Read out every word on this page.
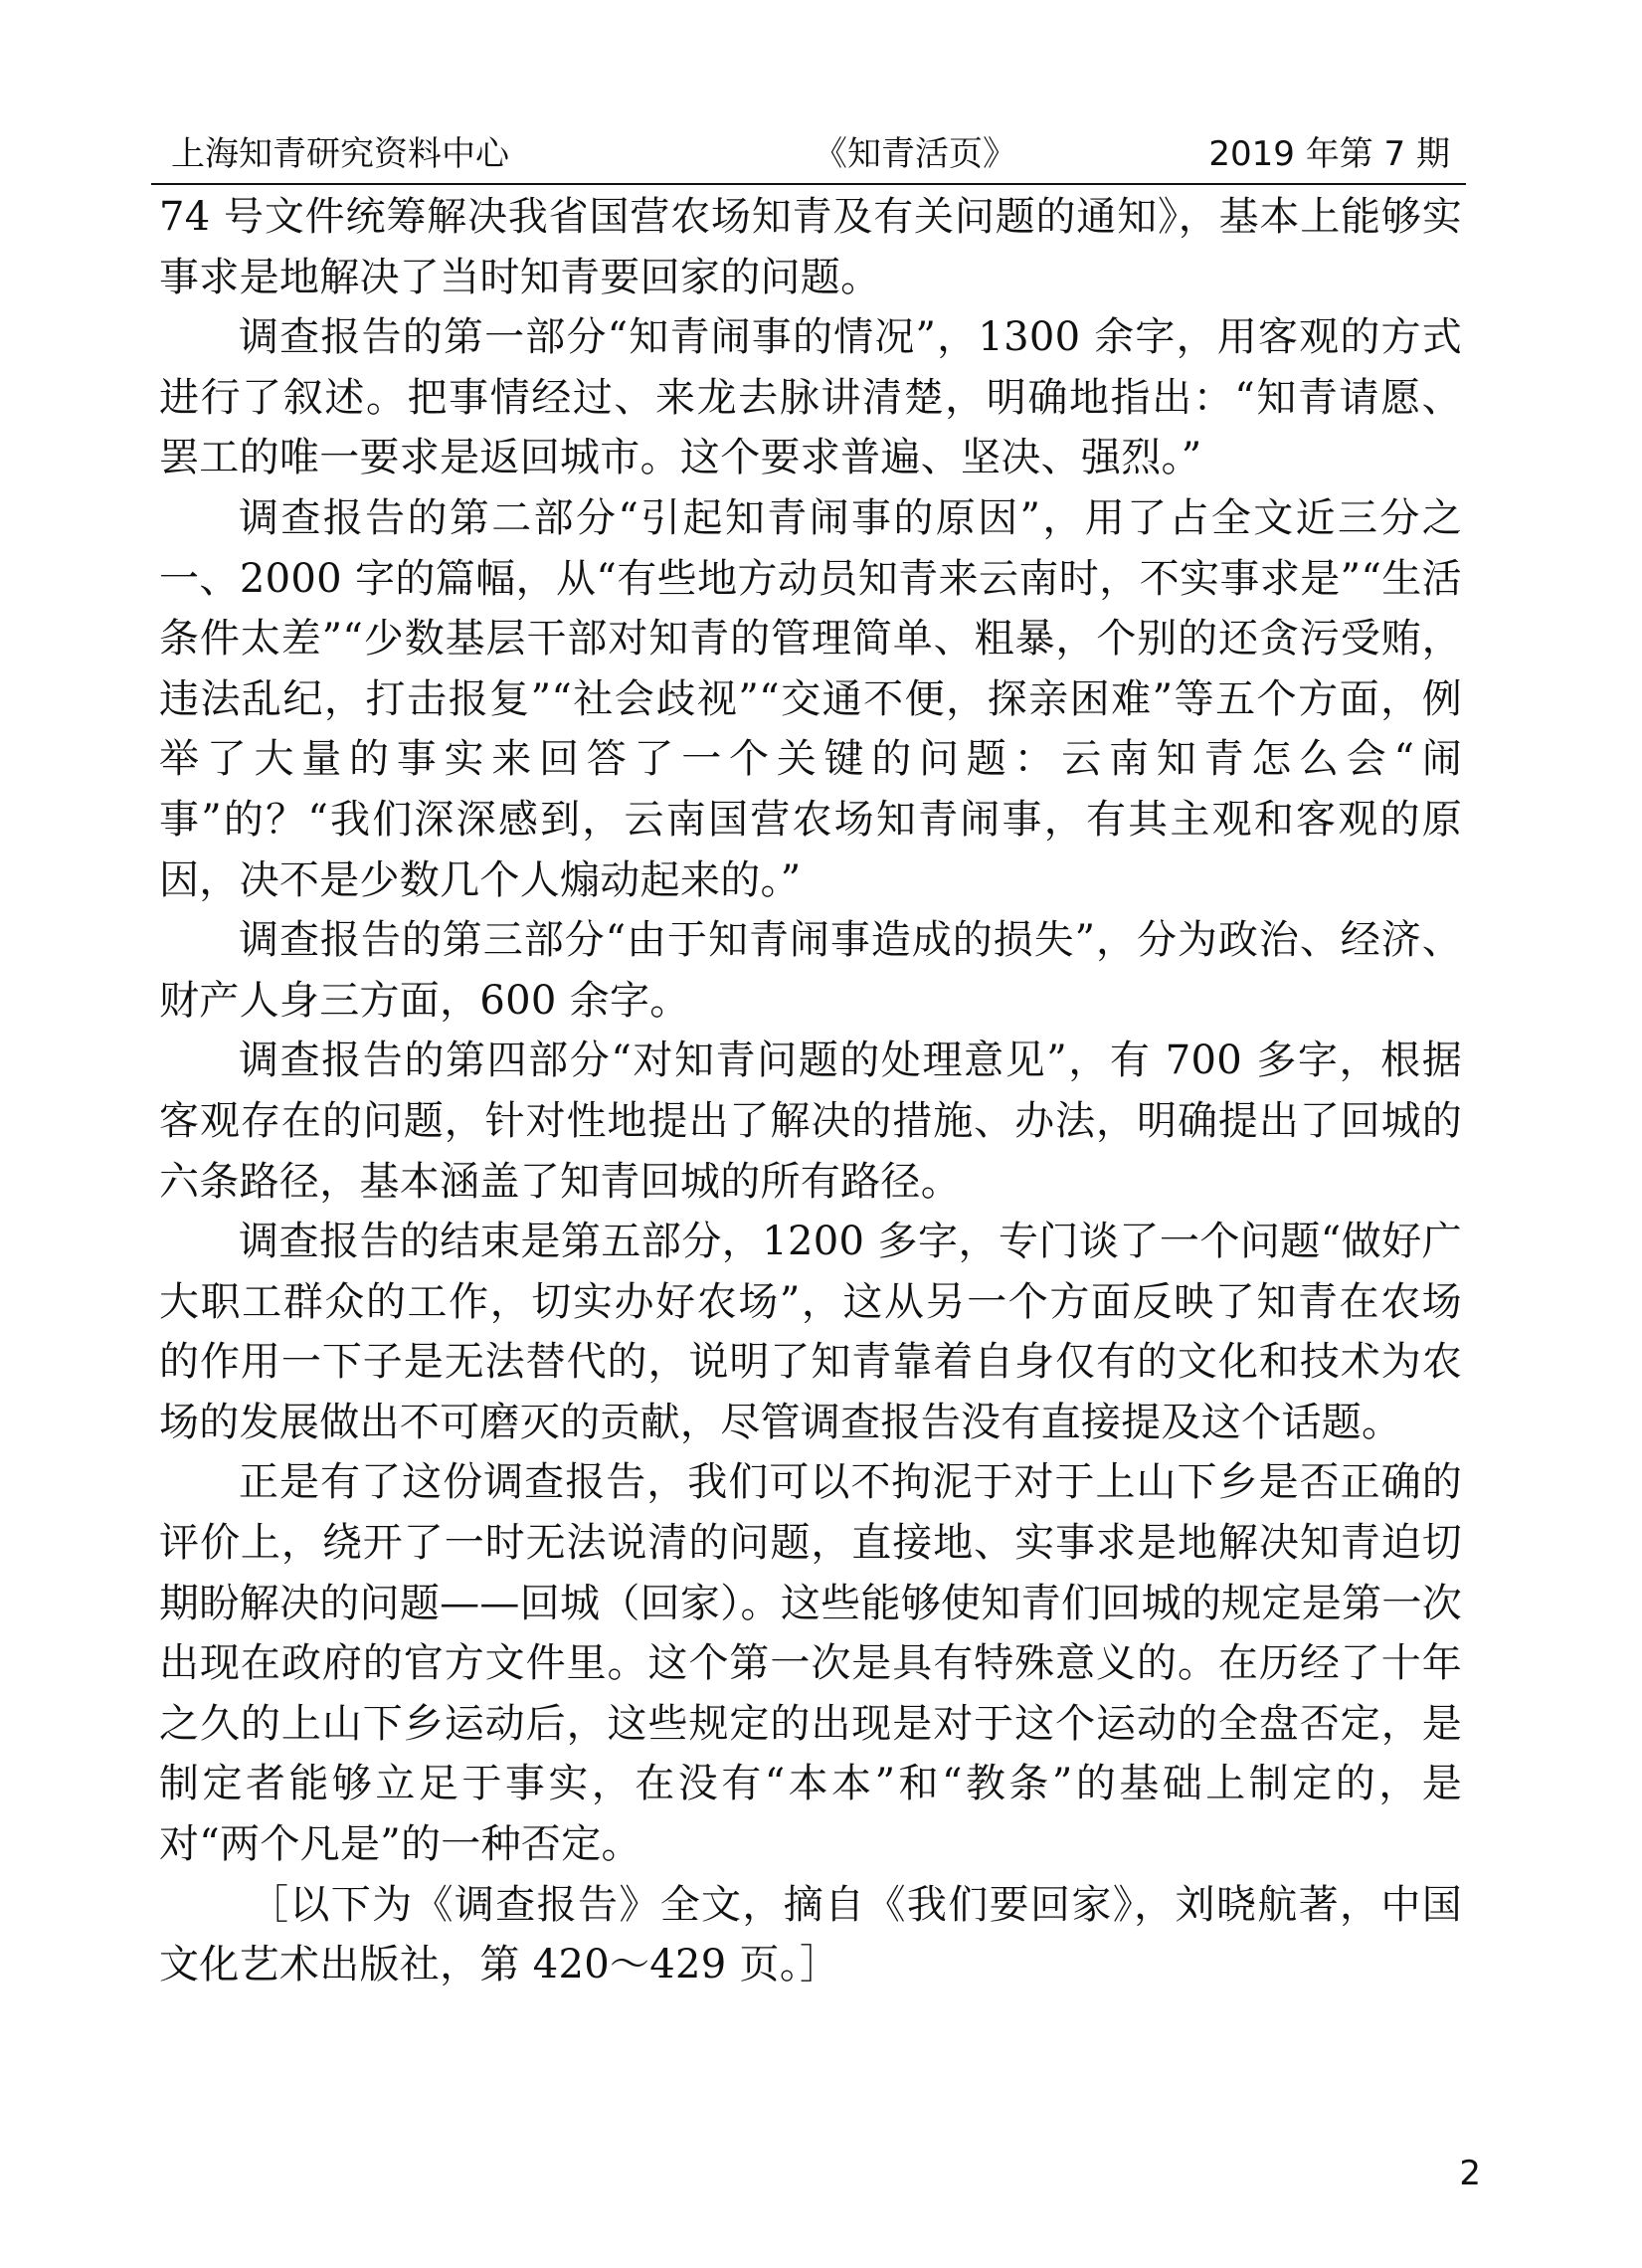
上海知青研究资料中心	《知青活页》	2019 年第 7 期

74 号文件统筹解决我省国营农场知青及有关问题的通知》，基本上能够实事求是地解决了当时知青要回家的问题。

调查报告的第一部分“知青闹事的情况”，1300 余字，用客观的方式进行了叙述。把事情经过、来龙去脉讲清楚，明确地指出：“知青请愿、罢工的唯一要求是返回城市。这个要求普遍、坚决、强烈。”

调查报告的第二部分“引起知青闹事的原因”，用了占全文近三分之一、2000 字的篇幅，从“有些地方动员知青来云南时，不实事求是”“生活条件太差”“少数基层干部对知青的管理简单、粗暴，个别的还贪污受贿，违法乱纪，打击报复”“社会歧视”“交通不便，探亲困难”等五个方面，例举了大量的事实来回答了一个关键的问题：云南知青怎么会“闹事”的？“我们深深感到，云南国营农场知青闹事，有其主观和客观的原因，决不是少数几个人煽动起来的。”

调查报告的第三部分“由于知青闹事造成的损失”，分为政治、经济、财产人身三方面，600 余字。

调查报告的第四部分“对知青问题的处理意见”，有 700 多字，根据客观存在的问题，针对性地提出了解决的措施、办法，明确提出了回城的六条路径，基本涵盖了知青回城的所有路径。

调查报告的结束是第五部分，1200 多字，专门谈了一个问题“做好广大职工群众的工作，切实办好农场”，这从另一个方面反映了知青在农场的作用一下子是无法替代的，说明了知青靠着自身仅有的文化和技术为农场的发展做出不可磨灭的贡献，尽管调查报告没有直接提及这个话题。

正是有了这份调查报告，我们可以不拘泥于对于上山下乡是否正确的评价上，绕开了一时无法说清的问题，直接地、实事求是地解决知青迫切期盼解决的问题——回城（回家）。这些能够使知青们回城的规定是第一次出现在政府的官方文件里。这个第一次是具有特殊意义的。在历经了十年之久的上山下乡运动后，这些规定的出现是对于这个运动的全盘否定，是制定者能够立足于事实，在没有“本本”和“教条”的基础上制定的，是对“两个凡是”的一种否定。

［以下为《调查报告》全文，摘自《我们要回家》，刘晓航著，中国文化艺术出版社，第 420～429 页。］

2
